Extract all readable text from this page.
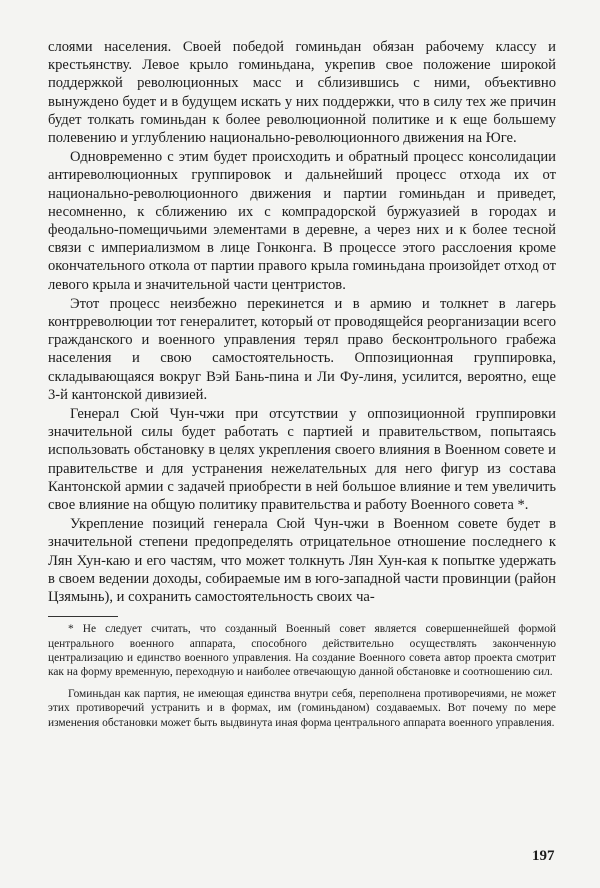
слоями населения. Своей победой гоминьдан обязан рабочему классу и крестьянству. Левое крыло гоминьдана, укрепив свое положение широкой поддержкой революционных масс и сблизившись с ними, объективно вынуждено будет и в будущем искать у них поддержки, что в силу тех же причин будет толкать гоминьдан к более революционной политике и к еще большему полевению и углублению национально-революционного движения на Юге.

Одновременно с этим будет происходить и обратный процесс консолидации антиреволюционных группировок и дальнейший процесс отхода их от национально-революционного движения и партии гоминьдан и приведет, несомненно, к сближению их с компрадорской буржуазией в городах и феодально-помещичьими элементами в деревне, а через них и к более тесной связи с империализмом в лице Гонконга. В процессе этого расслоения кроме окончательного откола от партии правого крыла гоминьдана произойдет отход от левого крыла и значительной части центристов.

Этот процесс неизбежно перекинется и в армию и толкнет в лагерь контрреволюции тот генералитет, который от проводящейся реорганизации всего гражданского и военного управления терял право бесконтрольного грабежа населения и свою самостоятельность. Оппозиционная группировка, складывающаяся вокруг Вэй Бань-пина и Ли Фу-линя, усилится, вероятно, еще 3-й кантонской дивизией.

Генерал Сюй Чун-чжи при отсутствии у оппозиционной группировки значительной силы будет работать с партией и правительством, попытаясь использовать обстановку в целях укрепления своего влияния в Военном совете и правительстве и для устранения нежелательных для него фигур из состава Кантонской армии с задачей приобрести в ней большое влияние и тем увеличить свое влияние на общую политику правительства и работу Военного совета *.

Укрепление позиций генерала Сюй Чун-чжи в Военном совете будет в значительной степени предопределять отрицательное отношение последнего к Лян Хун-каю и его частям, что может толкнуть Лян Хун-кая к попытке удержать в своем ведении доходы, собираемые им в юго-западной части провинции (район Цзямынь), и сохранить самостоятельность своих ча-

* Не следует считать, что созданный Военный совет является совершеннейшей формой центрального военного аппарата, способного действительно осуществлять законченную централизацию и единство военного управления. На создание Военного совета автор проекта смотрит как на форму временную, переходную и наиболее отвечающую данной обстановке и соотношению сил.

Гоминьдан как партия, не имеющая единства внутри себя, переполнена противоречиями, не может этих противоречий устранить и в формах, им (гоминьданом) создаваемых. Вот почему по мере изменения обстановки может быть выдвинута иная форма центрального аппарата военного управления.

197
